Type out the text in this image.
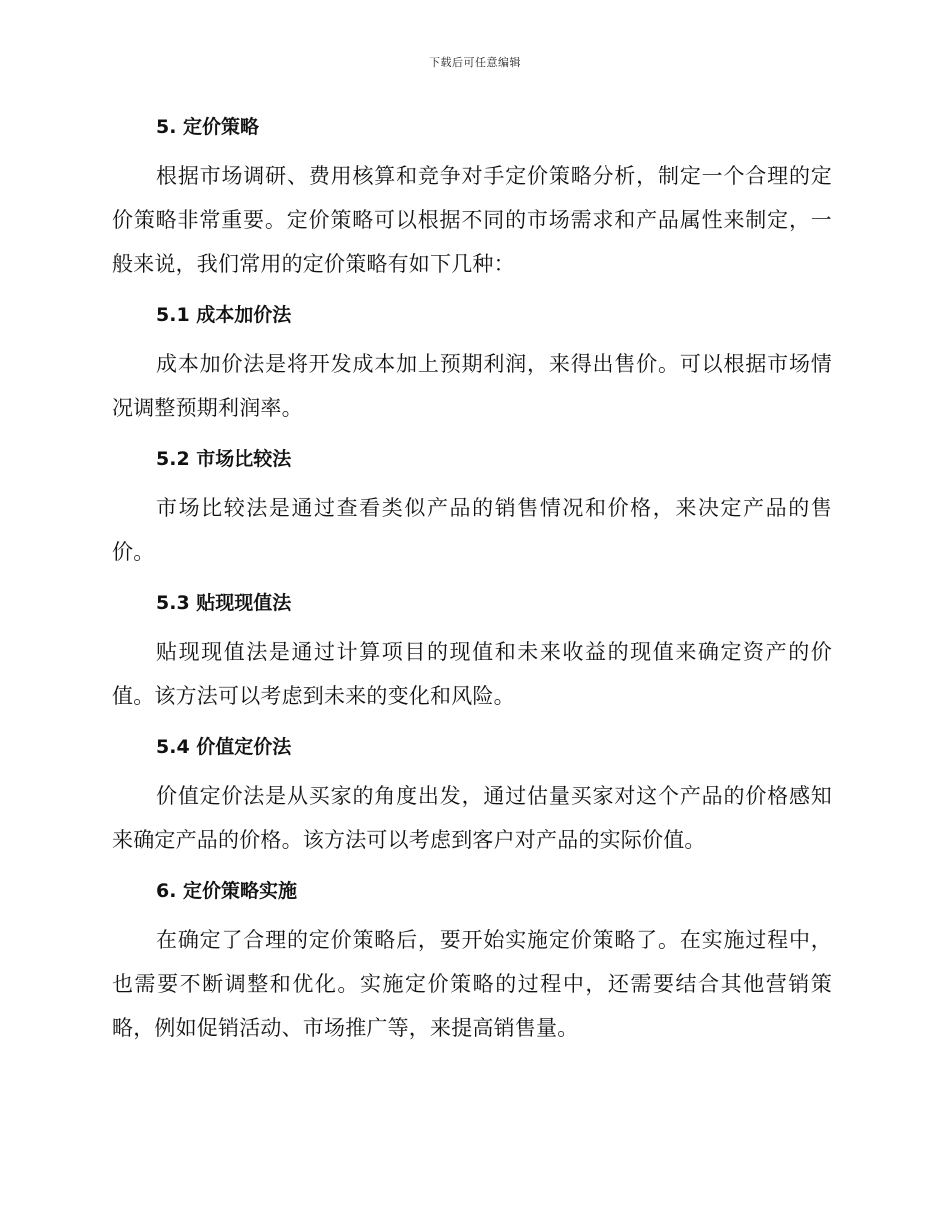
下载后可任意编辑
5. 定价策略

根据市场调研、费用核算和竞争对手定价策略分析，制定一个合理的定价策略非常重要。定价策略可以根据不同的市场需求和产品属性来制定，一般来说，我们常用的定价策略有如下几种：

5.1 成本加价法

成本加价法是将开发成本加上预期利润，来得出售价。可以根据市场情况调整预期利润率。

5.2 市场比较法

市场比较法是通过查看类似产品的销售情况和价格，来决定产品的售价。

5.3 贴现现值法

贴现现值法是通过计算项目的现值和未来收益的现值来确定资产的价值。该方法可以考虑到未来的变化和风险。

5.4 价值定价法

价值定价法是从买家的角度出发，通过估量买家对这个产品的价格感知来确定产品的价格。该方法可以考虑到客户对产品的实际价值。

6. 定价策略实施

在确定了合理的定价策略后，要开始实施定价策略了。在实施过程中，也需要不断调整和优化。实施定价策略的过程中，还需要结合其他营销策略，例如促销活动、市场推广等，来提高销售量。
